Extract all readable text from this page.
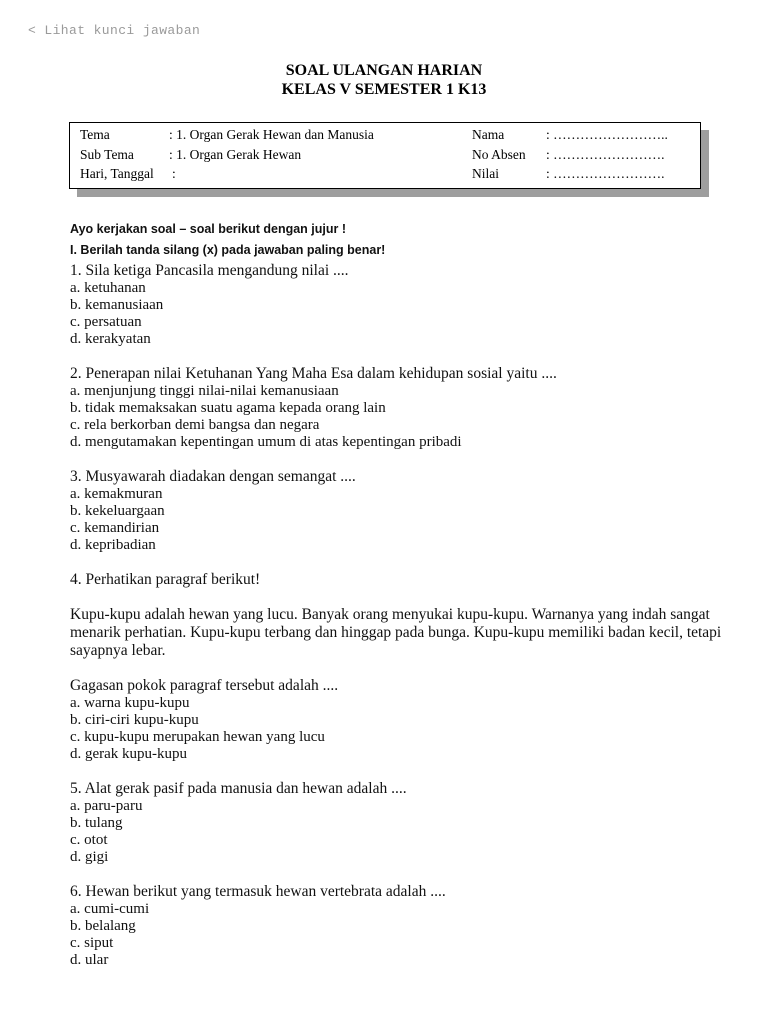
< Lihat kunci jawaban
SOAL ULANGAN HARIAN
KELAS V SEMESTER 1 K13
Tema	: 1. Organ Gerak Hewan dan Manusia	Nama	: ……………………..
Sub Tema	: 1. Organ Gerak Hewan	No Absen : …………………….
Hari, Tanggal :	Nilai	: …………………….
Ayo kerjakan soal – soal berikut dengan jujur !
I. Berilah tanda silang (x) pada jawaban paling benar!
1. Sila ketiga Pancasila mengandung nilai ....
a. ketuhanan
b. kemanusiaan
c. persatuan
d. kerakyatan
2. Penerapan nilai Ketuhanan Yang Maha Esa dalam kehidupan sosial yaitu ....
a. menjunjung tinggi nilai-nilai kemanusiaan
b. tidak memaksakan suatu agama kepada orang lain
c. rela berkorban demi bangsa dan negara
d. mengutamakan kepentingan umum di atas kepentingan pribadi
3. Musyawarah diadakan dengan semangat ....
a. kemakmuran
b. kekeluargaan
c. kemandirian
d. kepribadian
4. Perhatikan paragraf berikut!
Kupu-kupu adalah hewan yang lucu. Banyak orang menyukai kupu-kupu. Warnanya yang indah sangat menarik perhatian. Kupu-kupu terbang dan hinggap pada bunga. Kupu-kupu memiliki badan kecil, tetapi sayapnya lebar.
Gagasan pokok paragraf tersebut adalah ....
a. warna kupu-kupu
b. ciri-ciri kupu-kupu
c. kupu-kupu merupakan hewan yang lucu
d. gerak kupu-kupu
5. Alat gerak pasif pada manusia dan hewan adalah ....
a. paru-paru
b. tulang
c. otot
d. gigi
6. Hewan berikut yang termasuk hewan vertebrata adalah ....
a. cumi-cumi
b. belalang
c. siput
d. ular
